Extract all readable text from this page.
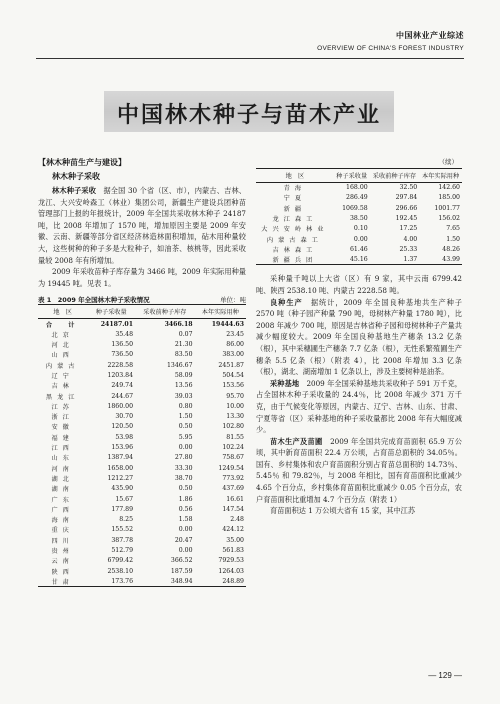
中国林业产业综述
OVERVIEW OF CHINA'S FOREST INDUSTRY
中国林木种子与苗木产业
【林木种苗生产与建设】
林木种子采收

林木种子采收　 据全国 30 个省（区、市），内蒙古、吉林、龙江、大兴安岭森工（林业）集团公司，新疆生产建设兵团种苗管理部门上报的年报统计，2009 年全国共采收林木种子 24187 吨，比 2008 年增加了 1570 吨，增加原因主要是 2009 年安徽、云南、新疆等部分省区经济林造林面积增加，砧木用种量较大，这些树种的种子多是大粒种子，如油茶、核桃等，因此采收量较 2008 年有所增加。

2009 年采收苗种子库存量为 3466 吨，2009 年实际用种量为 19445 吨。见表 1。

表 1　2009 年全国林木种子采收情况	单位：吨
地　区	种子采收量	采收前种子库存	本年实际用种
合　计	24187.01	3466.18	19444.63
北京	35.48	0.07	23.45
河北	136.50	21.30	86.00
山西	736.50	83.50	383.00
内蒙古	2228.58	1346.67	2451.87
辽宁	1203.84	58.09	504.54
吉林	249.74	13.56	153.56
黑龙江	244.67	39.03	95.70
江苏	1860.00	0.80	10.00
浙江	30.70	1.50	13.30
安徽	120.50	0.50	102.80
福建	53.98	5.95	81.55
江西	153.96	0.00	102.24
山东	1387.94	27.80	758.67
河南	1658.00	33.30	1249.54
湖北	1212.27	38.70	773.92
湖南	435.90	0.50	437.69
广东	15.67	1.86	16.61
广西	177.89	0.56	147.54
海南	8.25	1.58	2.48
重庆	155.52	0.00	424.12
四川	387.78	20.47	35.00
贵州	512.79	0.00	561.83
云南	6799.42	366.52	7929.53
陕西	2538.10	187.59	1264.03
甘肃	173.76	348.94	248.89
（续）
地　区	种子采收量	采收前种子库存	本年实际用种
青海	168.00	32.50	142.60
宁夏	286.49	297.84	185.00
新疆	1069.58	296.66	1001.77
龙江森工	38.50	192.45	156.02
大兴安岭林业	0.10	17.25	7.65
内蒙古森工	0.00	4.00	1.50
吉林森工	61.46	25.33	48.26
新疆兵团	45.16	1.37	43.99

采种量千吨以上大省（区）有 9 家，其中云南 6799.42 吨、陕西 2538.10 吨、内蒙古 2228.58 吨。

良种生产　 据统计，2009 年全国良种基地共生产种子 2570 吨（种子园产种量 790 吨，母树林产种量 1780 吨），比 2008 年减少 700 吨，原因是吉林省种子园和母树林种子产量共减少幅度较大。2009 年全国良种基地生产穗条 13.2 亿条（根），其中采穗圃生产穗条 7.7 亿条（根），无性系繁殖圃生产穗条 5.5 亿条（根）（附表 4），比 2008 年增加 3.3 亿条（根），湖北、湖南增加 1 亿条以上，涉及主要树种是油茶。

采种基地　 2009 年全国采种基地共采收种子 591 万千克，占全国林木种子采收量的 24.4％，比 2008 年减少 371 万千克，由于气候变化等原因，内蒙古、辽宁、吉林、山东、甘肃、宁夏等省（区）采种基地的种子采收量都比 2008 年有大幅度减少。

苗木生产及苗圃　 2009 年全国共完成育苗面积 65.9 万公顷，其中新育苗面积 22.4 万公顷，占育苗总面积的 34.05％。国有、乡村集体和农户育苗面积分别占育苗总面积的 14.73％、5.45％ 和 79.82％，与 2008 年相比，国有育苗面积比重减少 4.65 个百分点，乡村集体育苗面积比重减少 0.05 个百分点，农户育苗面积比重增加 4.7 个百分点（附表 1）

育苗面积达 1 万公顷大省有 15 家，其中江苏

— 129 —
